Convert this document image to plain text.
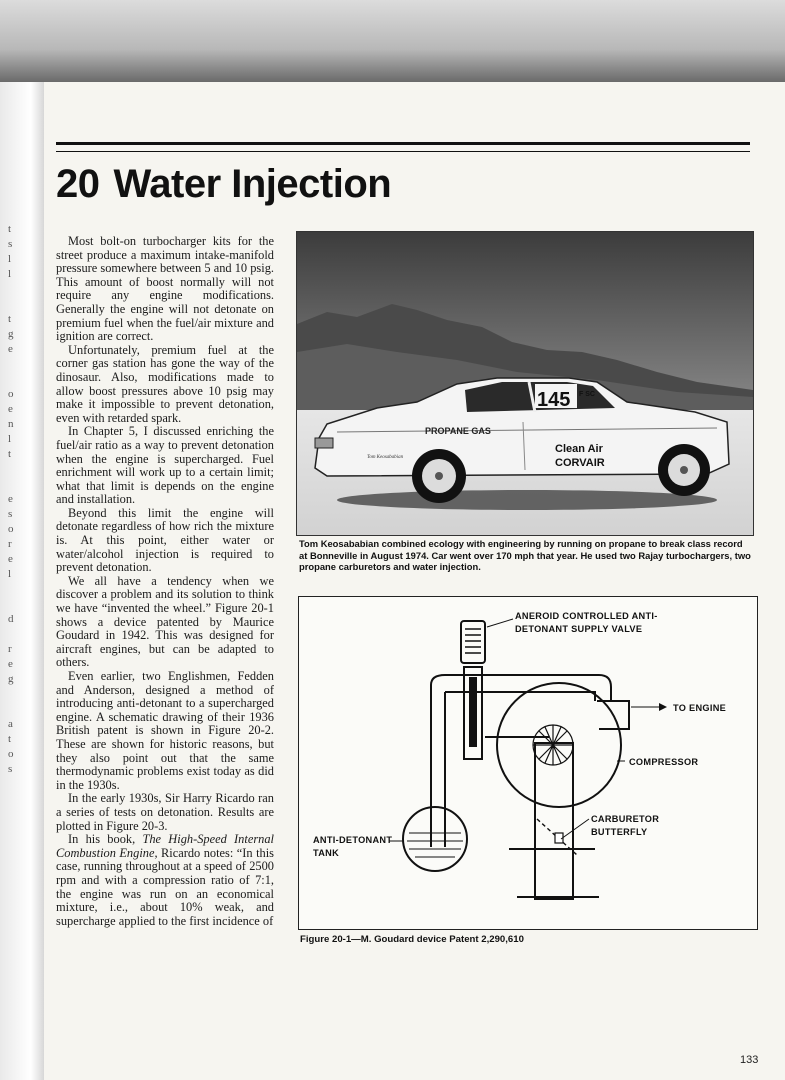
t
s
l
l

t
g
e

o
e
n
l
t

e
s
o
r
e
l

d

r
e
g

a
t
o
s
20 Water Injection

Most bolt-on turbocharger kits for the street produce a maximum intake-manifold pressure somewhere between 5 and 10 psig. This amount of boost normally will not require any engine modifications. Generally the engine will not detonate on premium fuel when the fuel/air mixture and ignition are correct.

Unfortunately, premium fuel at the corner gas station has gone the way of the dinosaur. Also, modifications made to allow boost pressures above 10 psig may make it impossible to prevent detonation, even with retarded spark.

In Chapter 5, I discussed enriching the fuel/air ratio as a way to prevent detonation when the engine is supercharged. Fuel enrichment will work up to a certain limit; what that limit is depends on the engine and installation.

Beyond this limit the engine will detonate regardless of how rich the mixture is. At this point, either water or water/alcohol injection is required to prevent detonation.

We all have a tendency when we discover a problem and its solution to think we have “invented the wheel.” Figure 20-1 shows a device patented by Maurice Goudard in 1942. This was designed for aircraft engines, but can be adapted to others.

Even earlier, two Englishmen, Fedden and Anderson, designed a method of introducing anti-detonant to a supercharged engine. A schematic drawing of their 1936 British patent is shown in Figure 20-2. These are shown for historic reasons, but they also point out that the same thermodynamic problems exist today as did in the 1930s.

In the early 1930s, Sir Harry Ricardo ran a series of tests on detonation. Results are plotted in Figure 20-3.

In his book, The High-Speed Internal Combustion Engine, Ricardo notes: “In this case, running throughout at a speed of 2500 rpm and with a compression ratio of 7:1, the engine was run on an economical mixture, i.e., about 10% weak, and supercharge applied to the first incidence of

145 F SC
PROPANE GAS
Clean Air
CORVAIR
Tom Keosababian
Tom Keosababian combined ecology with engineering by running on propane to break class record at Bonneville in August 1974. Car went over 170 mph that year. He used two Rajay turbochargers, two propane carburetors and water injection.
ANEROID CONTROLLED ANTI-
DETONANT SUPPLY VALVE
TO ENGINE
COMPRESSOR
CARBURETOR
BUTTERFLY
ANTI-DETONANT
TANK
Figure 20-1—M. Goudard device Patent 2,290,610
133
